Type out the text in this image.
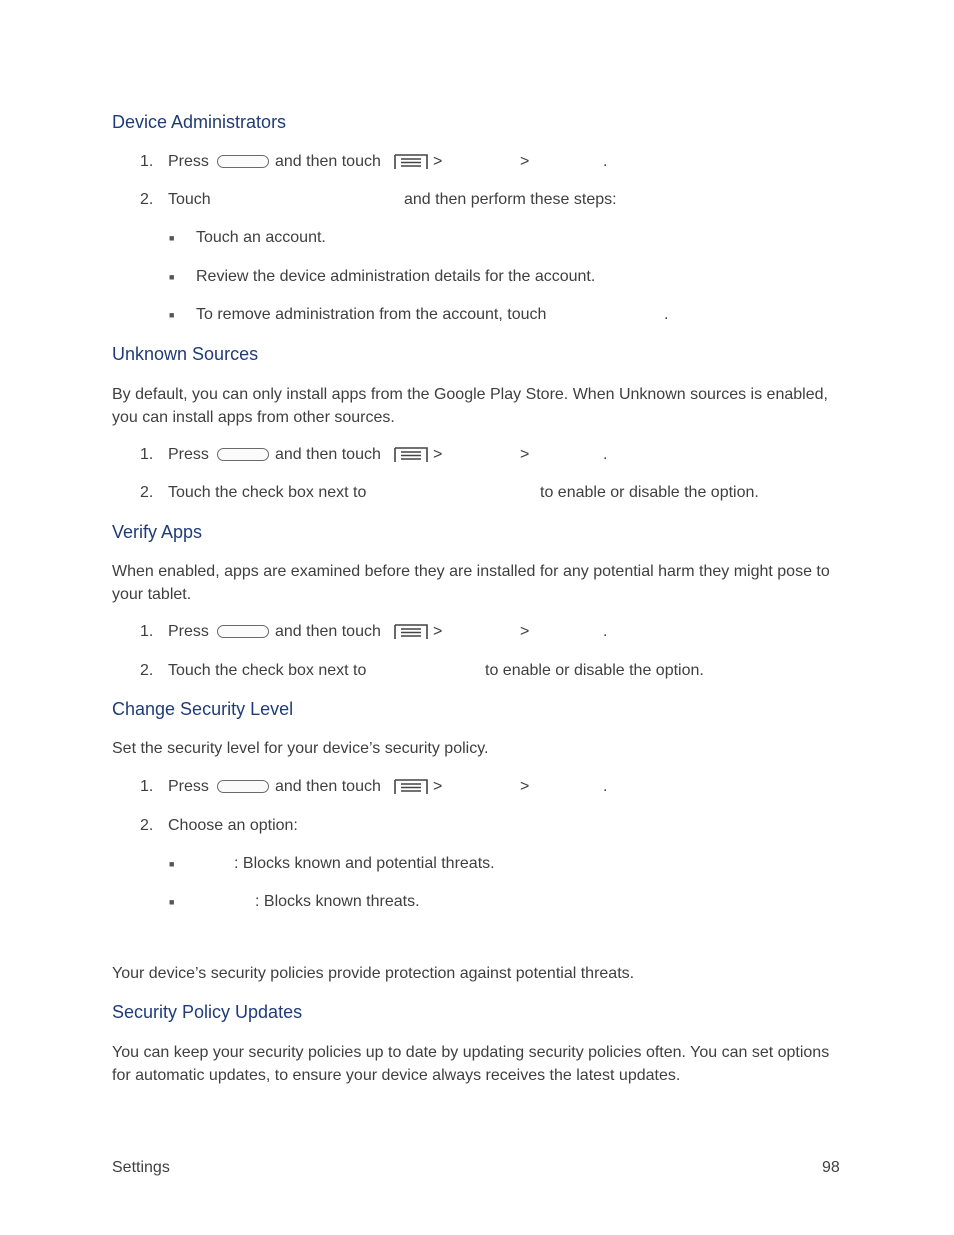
Device Administrators
1. Press	and then touch	>	>	.
2. Touch	and then perform these steps:
■ Touch an account.
■ Review the device administration details for the account.
■ To remove administration from the account, touch	.
Unknown Sources
By default, you can only install apps from the Google Play Store. When Unknown sources is enabled, you can install apps from other sources.
1. Press	and then touch	>	>	.
2. Touch the check box next to	to enable or disable the option.
Verify Apps
When enabled, apps are examined before they are installed for any potential harm they might pose to your tablet.
1. Press	and then touch	>	>	.
2. Touch the check box next to	to enable or disable the option.
Change Security Level
Set the security level for your device’s security policy.
1. Press	and then touch	>	>	.
2. Choose an option:
■	: Blocks known and potential threats.
■	: Blocks known threats.
Your device’s security policies provide protection against potential threats.
Security Policy Updates
You can keep your security policies up to date by updating security policies often. You can set options for automatic updates, to ensure your device always receives the latest updates.
Settings	98
